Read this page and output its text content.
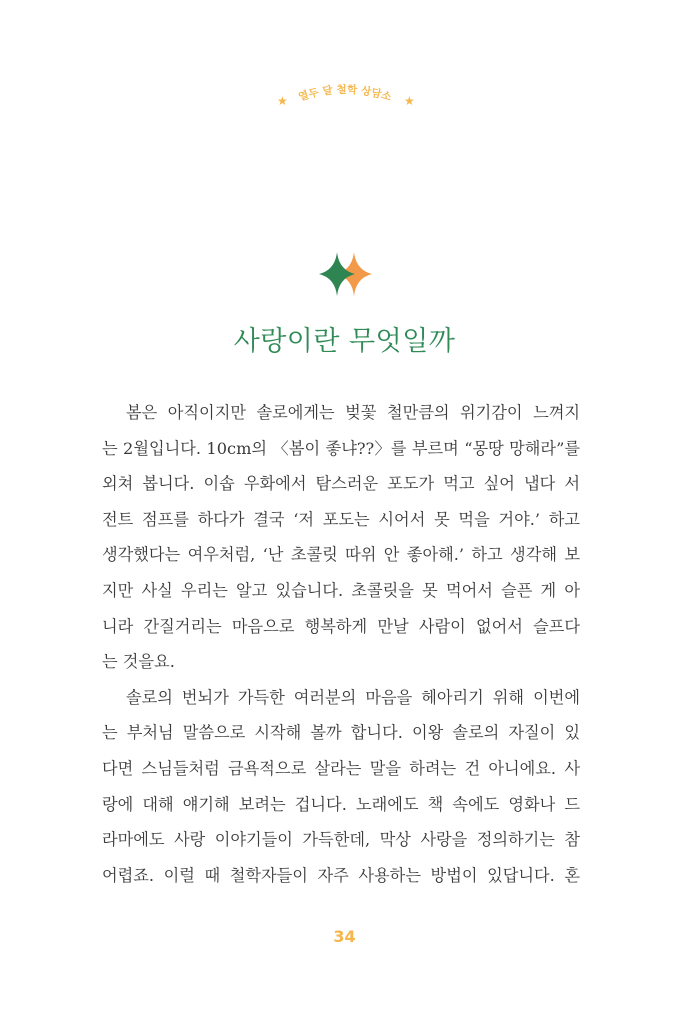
열두 달 철학 상담소
★	★
사랑이란 무엇일까
봄은 아직이지만 솔로에게는 벚꽃 철만큼의 위기감이 느껴지
는 2월입니다. 10cm의 〈봄이 좋냐??〉를 부르며 “몽땅 망해라”를
외쳐 봅니다. 이솝 우화에서 탐스러운 포도가 먹고 싶어 냅다 서
전트 점프를 하다가 결국 ‘저 포도는 시어서 못 먹을 거야.’ 하고
생각했다는 여우처럼, ‘난 초콜릿 따위 안 좋아해.’ 하고 생각해 보
지만 사실 우리는 알고 있습니다. 초콜릿을 못 먹어서 슬픈 게 아
니라 간질거리는 마음으로 행복하게 만날 사람이 없어서 슬프다
는 것을요.
솔로의 번뇌가 가득한 여러분의 마음을 헤아리기 위해 이번에
는 부처님 말씀으로 시작해 볼까 합니다. 이왕 솔로의 자질이 있
다면 스님들처럼 금욕적으로 살라는 말을 하려는 건 아니에요. 사
랑에 대해 얘기해 보려는 겁니다. 노래에도 책 속에도 영화나 드
라마에도 사랑 이야기들이 가득한데, 막상 사랑을 정의하기는 참
어렵죠. 이럴 때 철학자들이 자주 사용하는 방법이 있답니다. 혼
34
